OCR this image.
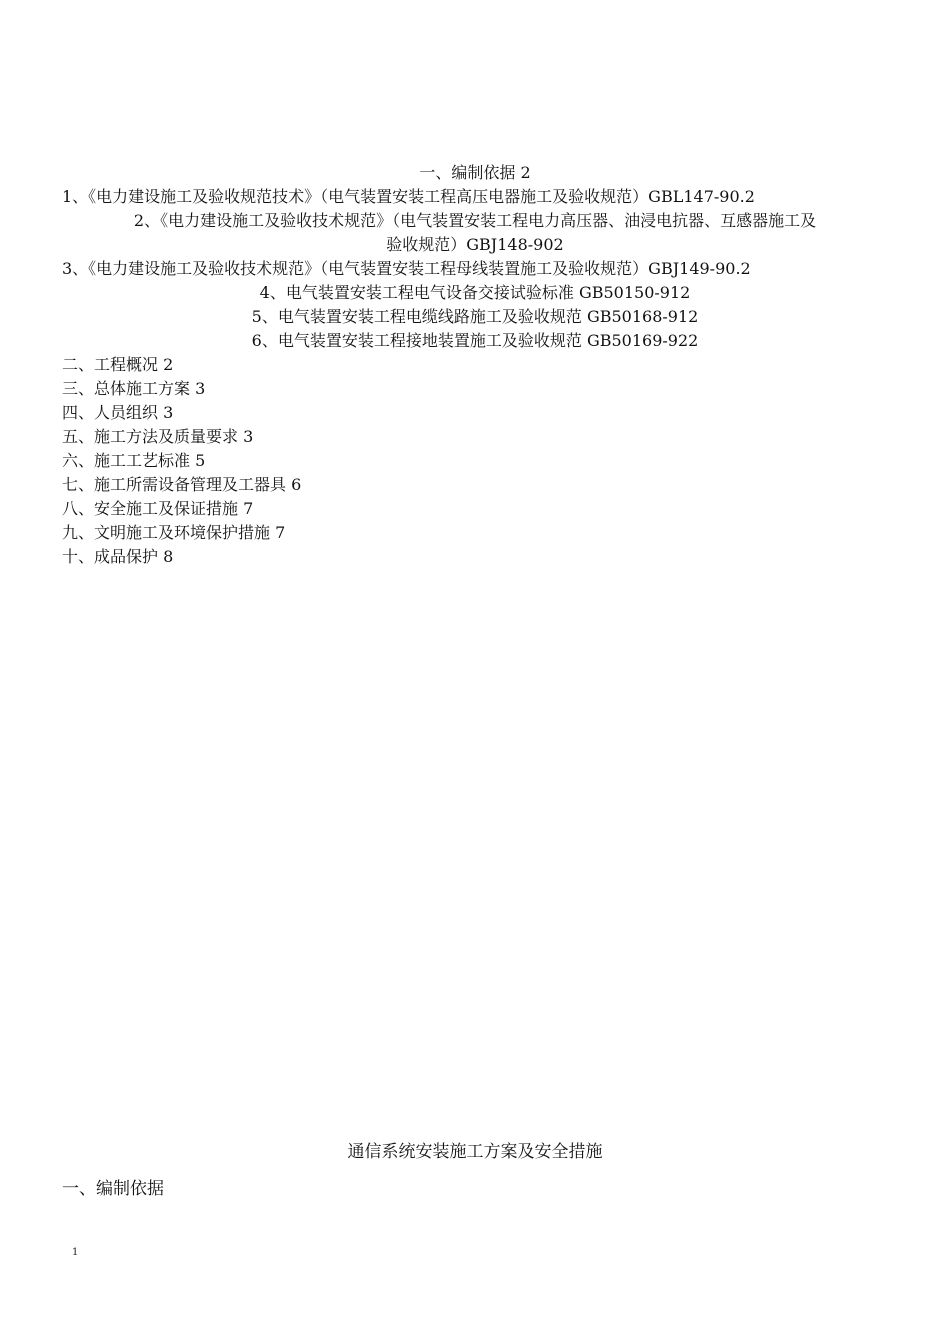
一、编制依据 2
1、《电力建设施工及验收规范技术》（电气装置安装工程高压电器施工及验收规范）GBL147-90.2
2、《电力建设施工及验收技术规范》（电气装置安装工程电力高压器、油浸电抗器、互感器施工及
验收规范）GBJ148-902
3、《电力建设施工及验收技术规范》（电气装置安装工程母线装置施工及验收规范）GBJ149-90.2
4、电气装置安装工程电气设备交接试验标准 GB50150-912
5、电气装置安装工程电缆线路施工及验收规范 GB50168-912
6、电气装置安装工程接地装置施工及验收规范 GB50169-922
二、工程概况 2
三、总体施工方案 3
四、人员组织 3
五、施工方法及质量要求 3
六、施工工艺标准 5
七、施工所需设备管理及工器具 6
八、安全施工及保证措施 7
九、文明施工及环境保护措施 7
十、成品保护 8
通信系统安装施工方案及安全措施
一、编制依据
1
